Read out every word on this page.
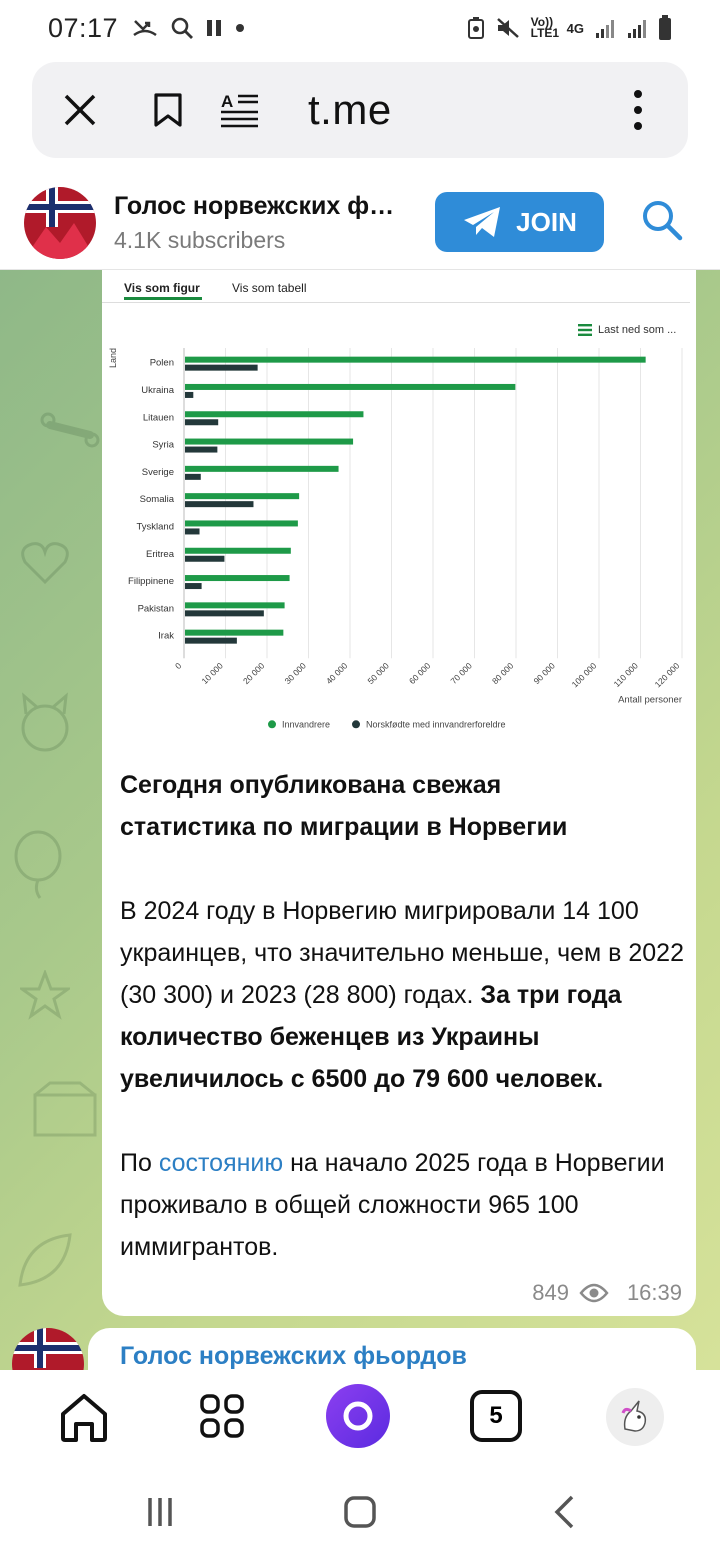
07:17	Vo)) LTE1 4G
A t.me
Голос норвежских ф…
4.1K subscribers
JOIN
Vis som figur	Vis som tabell
Last ned som ...
0 10 000 20 000 30 000 40 000 50 000 60 000 70 000 80 000 90 000 100 000 110 000 120 000
Land	Polen
Ukraina
Litauen
Syria
Sverige
Somalia
Tyskland
Eritrea
Filippinene
Pakistan
Irak
Antall personer
Innvandrere	Norskfødte med innvandrerforeldre

Сегодня опубликована свежая
статистика по миграции в Норвегии

В 2024 году в Норвегию мигрировали 14 100 украинцев, что значительно меньше, чем в 2022 (30 300) и 2023 (28 800) годах. За три года количество беженцев из Украины увеличилось с 6500 до 79 600 человек.

По состоянию на начало 2025 года в Норвегии проживало в общей сложности 965 100 иммигрантов.

849	16:39
Голос норвежских фьордов
5
